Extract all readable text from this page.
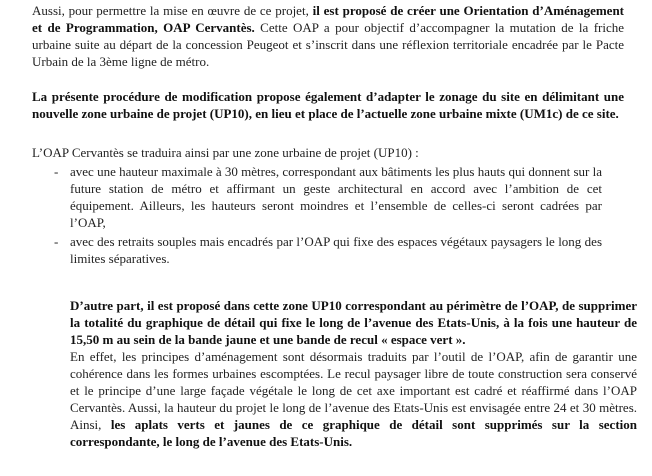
Aussi, pour permettre la mise en œuvre de ce projet, il est proposé de créer une Orientation d’Aménagement et de Programmation, OAP Cervantès. Cette OAP a pour objectif d’accompagner la mutation de la friche urbaine suite au départ de la concession Peugeot et s’inscrit dans une réflexion territoriale encadrée par le Pacte Urbain de la 3ème ligne de métro.

La présente procédure de modification propose également d’adapter le zonage du site en délimitant une nouvelle zone urbaine de projet (UP10), en lieu et place de l’actuelle zone urbaine mixte (UM1c) de ce site.

L’OAP Cervantès se traduira ainsi par une zone urbaine de projet (UP10) :

- avec une hauteur maximale à 30 mètres, correspondant aux bâtiments les plus hauts qui donnent sur la future station de métro et affirmant un geste architectural en accord avec l’ambition de cet équipement. Ailleurs, les hauteurs seront moindres et l’ensemble de celles-ci seront cadrées par l’OAP,
- avec des retraits souples mais encadrés par l’OAP qui fixe des espaces végétaux paysagers le long des limites séparatives.
D’autre part, il est proposé dans cette zone UP10 correspondant au périmètre de l’OAP, de supprimer la totalité du graphique de détail qui fixe le long de l’avenue des Etats-Unis, à la fois une hauteur de 15,50 m au sein de la bande jaune et une bande de recul « espace vert ».
En effet, les principes d’aménagement sont désormais traduits par l’outil de l’OAP, afin de garantir une cohérence dans les formes urbaines escomptées. Le recul paysager libre de toute construction sera conservé et le principe d’une large façade végétale le long de cet axe important est cadré et réaffirmé dans l’OAP Cervantès. Aussi, la hauteur du projet le long de l’avenue des Etats-Unis est envisagée entre 24 et 30 mètres. Ainsi, les aplats verts et jaunes de ce graphique de détail sont supprimés sur la section correspondante, le long de l’avenue des Etats-Unis.
